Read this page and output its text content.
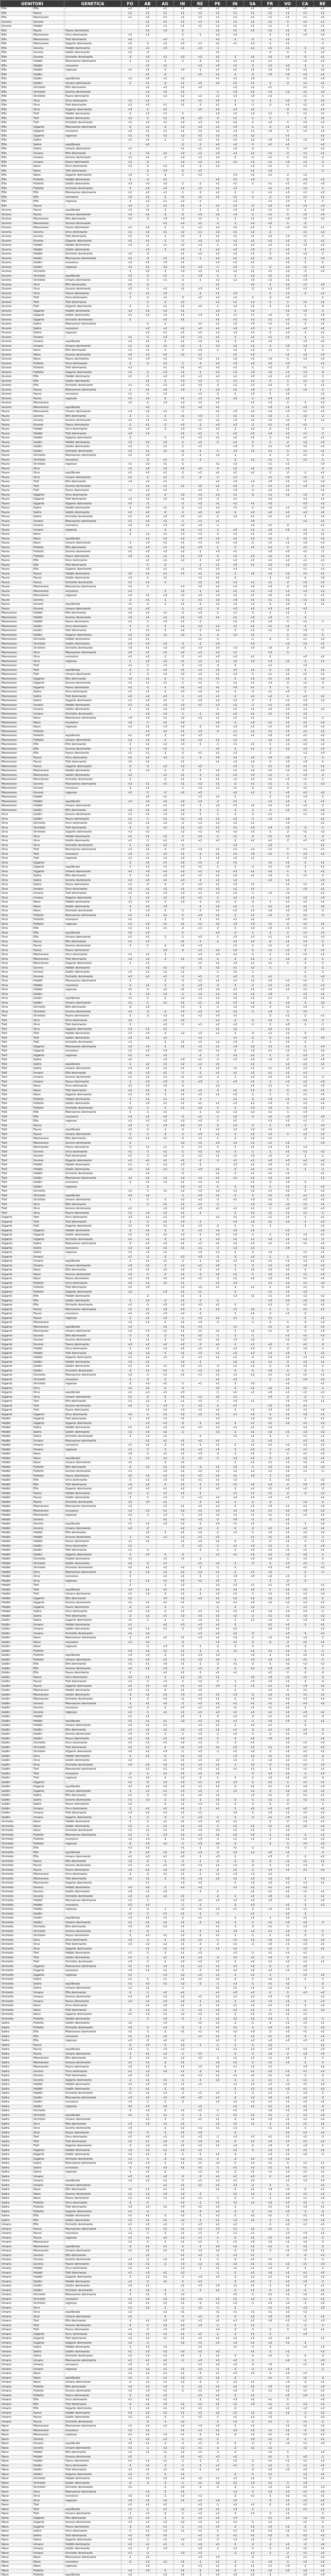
GENITORI		GENETICA	FO	AB	AG	IN	RE	PE	IN	SA	FR	VO	CA	BE
Elfo	Elfo	-	+1	+1	+1	+1	+2	+1	+1	+1	+1	+1	+1	+1
Elfo	Fauno	-	+1	+1	+1	+1	+1	+1	+1	+1	+1	+1	+1	+1
Elfo	Mannarone	-	+1	+1	+1	+1	+1	+1	+1	+1	+1	+1	+1	+1
Gnomo	Gnomo	-		+1	+1	+1	+1	+1	+1	+1	+1	-1	+1	+1
Gnomo	Hobbit	-		+1	+1	+1	+1	+1	+1	+1	+1	-1	+1	+1
Elfo	Fauno	Fauno dominante		+2	+2	-1		+2	+1	+1	+1	+1	-2	+3
Elfo	Mannarone	Orco dominante	+1	+1		-1	-1	+2	+2		-1	+1	+2	+2
Elfo	Mannarone	Troll dominante	+2		+2	-1		+2	-1	-2	-1	+2		-1
Elfo	Mannarone	Gigante dominante	+2	-2	+2	+3	+1	+1	+1	+2	-1	+1		-1
Elfo	Gnomo	Hobbit dominante	+1	+1	+3	+1	+2	-1		+2	+1	+1	-1	+1
Elfo	Gnomo	Goblin dominante	+2	-2				+1			-2	-1	-1	+2
Elfo	Gnomo	Orchetto dominante	-2	+3	+1	+2	+2	+1	-1	+1	+2	+1	-2	+1
Elfo	Hobbit	Mannarone dominante	-1	+1	-1	-1	-2	+2	+1	+1	+1		+2	+2
Elfo	Hobbit	recessivo		+1	+1		+2	+3	+1	-2	+1	+2	-1	-1
Elfo	Hobbit	ingresso	+1	+1	-1	+3	-1	+1	+1	+1	+2	+3	+1	+2
Elfo	Goblin	-		+1	-2		+1	+1	-1	-2	+3	+2	+2	+1
Elfo	Goblin	equilibrato	+1	+2	+1	+2		+1	+1	+3		-1	+1	+2
Elfo	Goblin	Umano dominante	-1	+1	-2	+1	+1	+1	+1	+1	-1	-2	+1	+1
Elfo	Orchetto	Elfo dominante		+1	+2	+1	+2		+2	+1	+1		+1	-1
Elfo	Orchetto	Gnomo dominante		+2	+1	+1		-1	+3	+1	+2	+2	+1	+3
Elfo	Orchetto	Fauno dominante		+1	+2	+2	+1	+1	+3	+3	+2		+1	-1
Elfo	Orco	Orco dominante	+1	+1		+2	+1	+2	-1	-1	-1	+2	-2	+1
Elfo	Orco	Troll dominante	+2	+2	+1	+1	-1	+1	-1	-1	-2	+1	+1	+1
Elfo	Orco	Gigante dominante	+3	-1	+1		+1	+2	+2	+2		-2	+1	+2
Elfo	Troll	Hobbit dominante	-2	+1	+1	-1		+2	+1	+2	+1	-1	+1	+1
Elfo	Troll	Goblin dominante	+2	-1	+1	+1	+2	-2	+1	-1	-1		-1	+1
Elfo	Troll	Orchetto dominante	+1	+2	+1	+2	+3	+1	+2	-1	+2	-1	+1	+2
Elfo	Gigante	Mannarone dominante	-2	+1	-2	+2	+2	+1	+3	-1	-2	+1	+2	-1
Elfo	Gigante	recessivo	+2	+1	+1	+1	+2	+2	+2	+1	+3	-1	+2	+2
Elfo	Gigante	ingresso	+1	+1	+2	+2	+1	+2	+3	+2		+1		+2
Elfo	Satiro	-	+1	+1	-1	-1	+1	+1	+1	+2	+3	+1	+2	+1
Elfo	Satiro	equilibrato		+2		-2	-1	+2	+2	-1	+1	+1		+2
Elfo	Satiro	Umano dominante	+1			+1	+1	+2	+2	-2		-1	+2	+1
Elfo	Umano	Elfo dominante	-1	+1	+1	+2	+1	+3	+2	+1	+1	-2	+1	+1
Elfo	Umano	Gnomo dominante	+1	+1	-2	+2	+1	+2	-1	-1	+1	-1	+2	-2
Elfo	Umano	Fauno dominante	+1	-2		+2	+2	+2	+2	+1	+1	+2	+2	-2
Elfo	Nano	Orco dominante	+2	-2	+2	+1	-2	+3		+2	+1	-1	+1	-1
Elfo	Nano	Troll dominante		-2	+3	-2	+1			+1	+2			-1
Elfo	Nano	Gigante dominante	+3	-1	-1	-1	+2		+3	+1	+1	-2	+1	
Elfo	Folletto	Hobbit dominante	-1	-2	+1			+2	+1	+3		-1	+3	+2
Elfo	Folletto	Goblin dominante	+2	+3	+2	-1	-2	+1	+1	-1	+1	+1	+1	+3
Elfo	Folletto	Orchetto dominante	-1	+3	+2	+1	+1	+1	+2		+1	+2	+2	-1
Elfo	Elfo	Mannarone dominante	+1	+2	+1	-1	-1	+2	-1	-1	+1	+1	+1	+2
Elfo	Elfo	recessivo	+2	+1	-1	+1	+1	+1	+1	-1	-2	+2	+1	+1
Elfo	Elfo	ingresso	-1	+2	+1	+2	-2		+2		+1	+2	-1	-1
Elfo	Fauno	-	+2	-2	+1	+1	-1	+1	+2	-2	+2	+3	+2	+3
Gnomo	Fauno	equilibrato	+2	+1	-1	-1	-1	-2	+3	+1	+1	-1	-2	+2
Gnomo	Fauno	Umano dominante	+2	+1	-2	-2	+3	+2	+3	-1	+1	-1	+2	+3
Gnomo	Mannarone	Elfo dominante	+2	-2	+3	+3	+1	-1	-1	+1	+1	+3	+2	+2
Gnomo	Mannarone	Gnomo dominante			+1	+2	+1	-2	-1	+2	+2	-1	-2	
Gnomo	Mannarone	Fauno dominante	+1	+2	-1	-1	+1	+2	+2	+1	-2	+2	+1	+1
Gnomo	Gnomo	Orco dominante	+1	+2	+1	+2	+1	+2	+1	+2	-1		+1	+2
Gnomo	Gnomo	Troll dominante	+1	+1	-1	+3	-1	+1	+1	+1	+2	+3	+1	-1
Gnomo	Gnomo	Gigante dominante	+1	+1	-1	-1	+2	+1	+2	+1	+2	+2	-2	+1
Gnomo	Hobbit	Hobbit dominante	+3	-2	+1	+2	+2	-1	+3	+2	+2	+1	+3	+3
Gnomo	Hobbit	Goblin dominante		+2	-1	+2	-1	+2	+2	+3	-1	+1	-1	+1
Gnomo	Hobbit	Orchetto dominante	+2	-2		+1	+2	+2	+3	+1	-2	+2	+2	-1
Gnomo	Goblin	Mannarone dominante	+1	-2	+1	+1	-1	+2	+1	+1	+1	+1	-1	+2
Gnomo	Goblin	recessivo	+2	+1	+3	+1		+2	+2	+1		+2	-1	-1
Gnomo	Goblin	ingresso	+2	+1	+3	+3	+3	-1	+2	-1	-2	+2	+1	+2
Gnomo	Orchetto	-	-1	+2	-1	+3	+1	+1	+2	+1	+1	+2	-2	+2
Gnomo	Orchetto	equilibrato	+2	-2	+1	-1	+3	-1	-1	+2	+1	+2	+3	
Gnomo	Orchetto	Umano dominante	+2	-1	+1	-2	-1	+2	+2	+3	+2	+1	+3	
Gnomo	Orco	Elfo dominante	+1	-2		-1		+1		+2	-1	+2	+1	+3
Gnomo	Orco	Gnomo dominante	+2	-1	+2	+1	+3	+1		-2	+2	+3	+2	-2
Gnomo	Orco	Fauno dominante	-2	+1	+2		-2	+1	+3		-1	+2	-1	+2
Gnomo	Troll	Orco dominante	-1	-1	+1	-2	+1	+2	+1	-1	-2	+2		-1
Gnomo	Troll	Troll dominante		-1	-2	+2		+2	+1	+2	-1	-1	+1	+1
Gnomo	Troll	Gigante dominante	-1	-1	+1	+1	+2	-1	+2	+1	-1	+1	-1	-2
Gnomo	Gigante	Hobbit dominante	+2	+1	+2	+1		+2	-1	+2		+1	+2	-1
Gnomo	Gigante	Goblin dominante	+1	+2	+2	+1	+3	+1	+1	+1	+2	-2	-1	+2
Gnomo	Gigante	Orchetto dominante	-1		+2	+1		+1	+2	+2	+1	+3	+1	+3
Gnomo	Satiro	Mannarone dominante		-1	-1		+1	+1	+2	+3	+1	+1	-2	+1
Gnomo	Satiro	recessivo		+3	+2	+2	+1	+1	+3	+3	-1	+2	+2	+1
Gnomo	Satiro	ingresso		+2	+1	+1	+1	+2	+3	+1	-1	+2	-1	+1
Gnomo	Umano	-	+1	-1	+2	+2	+1	+1	-1	+1	+1	+1	-1	-1
Gnomo	Umano	equilibrato	+2	+1	-1	+1	+2	+1	-2	+1	+2		+2	+2
Gnomo	Umano	Umano dominante	+1	+1	+1	+2	-1	+3	+2	+1	-1	+3	+3	-1
Gnomo	Nano	Elfo dominante	+1	+1	-1	-2	+3	-1	+2	+2	+2	-1	-1	-1
Gnomo	Nano	Gnomo dominante	+2	+2	+2	+2	+1		+1	+2		+1	+2	+3
Gnomo	Nano	Fauno dominante	+1	+3	+1		+2	+1	+2	+1	+3	-1	+2	+2
Gnomo	Folletto	Orco dominante	-2	-1	+1	-1	-2	+3	+3	+2	+2	+2		+1
Gnomo	Folletto	Troll dominante	+2		+1	+1	+1	+3	+2	-1	+2	-2	+1	-1
Gnomo	Folletto	Gigante dominante	+1	-1	+3	+1	-1	+2	+3	+3	+2	+1	+3	-2
Gnomo	Elfo	Hobbit dominante	+1	-1	+2	+3	+1	+2	+1	+3	+2	+2	+1	-1
Gnomo	Elfo	Goblin dominante		+1	-1	+3	+1	-1	+1	+1	-2	-1	+1	-2
Gnomo	Elfo	Orchetto dominante	+1	+1	+2	+2	+2	-2	+2	+2	+2	-1	-2	+1
Gnomo	Fauno	Mannarone dominante	-1	+1	+2	+2	-1	+2	+1	+3	-1	+3	+2	-1
Gnomo	Fauno	recessivo	+1	-1	+2		+2	-2	-1	+2	-1	+3		+2
Gnomo	Fauno	ingresso	+1	+2	-1	+1	+1	+2	+2	-1	+3	+1		+2
Gnomo	Mannarone	-	+2	-1	+3	+2	+1	+1		+1	+2	-1	-1	+2
Gnomo	Mannarone	equilibrato		+2		+3	+2	+1		-1	+3	+1	+3	+1
Fauno	Mannarone	Umano dominante	+3	+2	+1	-1		+1	+3	+2	+2	+3	+1	+1
Fauno	Gnomo	Elfo dominante	-1	-1	-1	+1	+3	-1	+1	+1	+2	-1	+2	-2
Fauno	Gnomo	Gnomo dominante	+2	+1	+1	-1	+1	+2	+2	+2	+2	+2	-1	+2
Fauno	Gnomo	Fauno dominante	-1	+1	-2	+2	-1	+3	+2	-2	+1	+1	+1	
Fauno	Hobbit	Orco dominante	+1	+3	-2	+3	+1	+2	-2	+2	-2	+1	-1	-2
Fauno	Hobbit	Troll dominante	+2	+1		+1	+1	-1	+1	+1	+2	+2	+1	-1
Fauno	Hobbit	Gigante dominante	-1		-2	+1	+1	+1	+2	+1	-1	+1	+1	+1
Fauno	Goblin	Hobbit dominante	+2	+2	+2	-1	+1	-1	+2	-1	-1	-2	+2	+2
Fauno	Goblin	Goblin dominante	+2	-1	+1	-1	+1		+3	-1	+1	+3	+1	+2
Fauno	Goblin	Orchetto dominante	+2	+1	+1	+1	-1	-1	+3	+1	+1	-1	+1	+1
Fauno	Orchetto	Mannarone dominante	+2	+2		-2	-1	+2	-1		-1	-2	+1	-2
Fauno	Orchetto	recessivo		-2	+1	-1	-1		-2	+1	+1	-1	+1	-1
Fauno	Orchetto	ingresso	+1	+2	+1	-1		+1	+2		+1	+1		+3
Fauno	Orco	-	+1	+3	+2	+1	+2	-2	+2	+1	+2	+1		-2
Fauno	Orco	equilibrato	+1	+2	+1	-2	+1	+1	+1	+2	-2	-2	-2	+1
Fauno	Orco	Umano dominante	+1	-1	+1	-1	-2	-1	+2		+1	+2	+1	-1
Fauno	Troll	Elfo dominante	+3	+2	+1			+1	+3	+2	+3	+1	+2	+2
Fauno	Troll	Gnomo dominante		+1	+1	+1	+2	+1	+2	-1	+1	+2	+2	+3
Fauno	Troll	Fauno dominante	+2	+2	+2		+1	-1	+3	-1	+2	+1		+1
Fauno	Gigante	Orco dominante		+2	-2	+2	+2	+2	+1	-2	+1	+1	+2	-2
Fauno	Gigante	Troll dominante	+2	+2	+2	+1	+3	-2	+1		+2		+2	+1
Fauno	Gigante	Gigante dominante	+2	-2		-2	+2	+1	+2	+1	+2		+2	+2
Fauno	Satiro	Hobbit dominante	-1	+3	+1	-2	+1	+2	+1	-1	+2	+2	+1	+1
Fauno	Satiro	Goblin dominante	+2	+2	-2	-1	+2	+2	-1	+2	+2	+1	+2	+1
Fauno	Satiro	Orchetto dominante	+1	+1	+2	+3	+1	-1	+2	+1	+1	+2	-1	+1
Fauno	Umano	Mannarone dominante	+1	+2	+2	-1	+1	+1		+3			+1	+1
Fauno	Umano	recessivo	+2	+1	+3	+2	+2	-1		+2	+1	-2		+2
Fauno	Umano	ingresso	-2		-1	+1	+1	-1	+3	+1	+2	+1	+1	-1
Fauno	Nano	-	-2	+2	+1	+3	+2	-2	+1	+1	+2		+3	+1
Fauno	Nano	equilibrato		+2	+2	+2	+3	+2	+2	+2	+1	-1	+1	+1
Fauno	Nano	Umano dominante	-1	+2	+1	+1	+1	+1	+2	-1	+1	+1	+2	+2
Fauno	Folletto	Elfo dominante	+2	+3	+1	+2	+3	-1	-2	+1	+2	-1	+1	+1
Fauno	Folletto	Gnomo dominante	+1	+3	+3	+2	-1	+3	+1		+3	+3	+1	-2
Fauno	Folletto	Fauno dominante	+3	+1	+1	+1	+3	-2	+2	+3	+2	+1	-1	+2
Fauno	Elfo	Orco dominante		+1	+1	+2	-1	+3	+2	+1	+1	+2	+1	+1
Fauno	Elfo	Troll dominante		-1	-2		-1	+1	+3	+1	+2	+1	+1	-1
Fauno	Elfo	Gigante dominante		+3	+1	+1	+1	+3	+3		+1		+1	+2
Fauno	Fauno	Hobbit dominante	+2	+1	+1	+1	+1	+2	-1	+1	+2	+2	+1	+1
Fauno	Fauno	Goblin dominante	+2	-1	+1		+1	+1	-2		-1	+2	-2	+3
Fauno	Fauno	Orchetto dominante	+1	+1	-1		+1	+2	+2	+1	+1	-2	+2	+1
Fauno	Mannarone	Mannarone dominante	+1	-1		+3	+2	+2	+2	+3	+3	-2	+2	+1
Fauno	Mannarone	recessivo	+2		-1	+1	-1	+1	+1	+2	+2	+2	+2	+1
Fauno	Mannarone	ingresso	+2	+1	+3	+2	+2	+3	+2	+1	+2	+3	-2	+1
Fauno	Gnomo	-	-2	+1	-1	-1	+1	+2	+3	+1	+1	+1	+1	+1
Fauno	Gnomo	equilibrato	+1	-2	-1	+1	-2	+2	+2	+2	-1	+3	-1	+1
Fauno	Gnomo	Umano dominante	+1	+2		-1	+2	-2	+3	+1	+3	+1	+2	
Mannarone	Hobbit	Elfo dominante	+2	+1	+1	-2	+3	-1	+1	-1	-1	+1	-1	
Mannarone	Hobbit	Gnomo dominante	+2	+1	+1	+1	+2	+1	+1	+2	+2	-1	-1	
Mannarone	Hobbit	Fauno dominante	+1	-1	+3	+1	-2		+2	+1	+3	-1	+1	-1
Mannarone	Goblin	Orco dominante	-1	-1	-1	+1	+2	+2	+1	+1	+1	+1	-2	
Mannarone	Goblin	Troll dominante	-1	+1	-1	+2	-2	+2	-1	+1	+1	-2	+3	-1
Mannarone	Goblin	Gigante dominante	+2	+2	+1	+2	-1	-2	+2	+1		-1	+1	-1
Mannarone	Orchetto	Hobbit dominante	+2	+1			+1	-1		-1	-2	-1	+1	+2
Mannarone	Orchetto	Goblin dominante	+2	+2	+2	-2	-2	+3		+2		+2	+2	+1
Mannarone	Orchetto	Orchetto dominante	+3	+1	+2	+3	+3	+3	+3	+3	+3	-2	-1	+3
Mannarone	Orco	Mannarone dominante	+3	+1	+1	+2	+2	+2	+1		+3	-1		
Mannarone	Orco	recessivo	+1	+2	-2	-2	+1	+3	+2	+1	-1		+2	+2
Mannarone	Orco	ingresso	-1	+2	+2	+1	+1	+1	+2	+2	+3	+2	-1	+1
Mannarone	Troll	-	+1	-1	+2	-2	+2	-2	-2		+1		+2	
Mannarone	Troll	equilibrato	-1	-1	+2	+1	+1	+1	+1	+1	-1	+1	-1	+1
Mannarone	Troll	Umano dominante	-2	-2	+2	+2	+2	+1	+2	-1	+1	+1	+1	+1
Mannarone	Gigante	Elfo dominante	+2	+1	-2	-1	+1	+1	-1	+1	+1	+3	-2	+2
Mannarone	Gigante	Gnomo dominante	+1	+1	+1	-1	+1	-1	+1	+1	+3	-2	+1	-2
Mannarone	Gigante	Fauno dominante	+2	-1	-1	+1	+2	+1	+3	+1	-1	-1	-2	-1
Mannarone	Satiro	Orco dominante	+1	+1	-1	+3	+2	+2	-1	-2	+1	+3	-1	
Mannarone	Satiro	Troll dominante	+2	+2	+3	-1	+1	+1	-2	+1	+2	-1	+2	+1
Mannarone	Satiro	Gigante dominante	+1	+3	+1	-1	+3	+2	+2	-2	-1	+2	+3	+2
Mannarone	Umano	Hobbit dominante	+1	+1	+3	+2	+1	+2	+2	-1	+1	+2	+3	
Mannarone	Umano	Goblin dominante	-1	+1	+2	+3		-1	+1	+1	+2	+3	+1	+2
Mannarone	Umano	Orchetto dominante		+2	+2	-1	-1	+1	+2	+1	+1	+1	+2	
Mannarone	Nano	Mannarone dominante	+3	+2	+1	+2	+3	+1	+1	+1		+1	+2	-1
Mannarone	Nano	recessivo	+2	-1	+1	+2		+2	-1	+2	+1	+1	+1	+2
Mannarone	Nano	ingresso	+2	+1	+3	+2	-2	+1	+3	+1	+1	+2	+3	+2
Mannarone	Folletto	-		+2	+2	+1	+2	-2	+1	+2	+1	+1	+2	+2
Mannarone	Folletto	equilibrato	+1	+3	-1	+2	+2		+1	+1	+3	+2	+1	+2
Mannarone	Folletto	Umano dominante	+2	+2	-1	+3	+2	+1	+2		+1	+2	+1	+1
Mannarone	Elfo	Elfo dominante	-1	+1	+2	+3	-1	-1	+1	+1	-1	+1	+2	+2
Mannarone	Elfo	Gnomo dominante	-1	+1	+1	-1		+2	-1	+1	-1	+2	+2	+3
Mannarone	Elfo	Fauno dominante	+1	+1	-1	-2	+1	+1	+2		-2		+2	+3
Mannarone	Fauno	Orco dominante	+1	+2	+3	-1	-1	+3	+2	+1	+2	+2	-1	-1
Mannarone	Fauno	Troll dominante	+1	+1		+1		+1	+2	+2	-2	+3	+3	-1
Mannarone	Fauno	Gigante dominante	-2	-2	+2	+2	+2		+3	-1	+1	+2	+1	+1
Mannarone	Mannarone	Hobbit dominante	-2	+2	-1	-2	-2	+2	+1	+2	+1	+2	+2	+2
Mannarone	Mannarone	Goblin dominante	+2		+1	+1	-1	+1	+2	+3	+1	-1	+3	-2
Mannarone	Mannarone	Orchetto dominante	-1		-2	+1	-1	+1	+2	+2	+1	+1	+1	-1
Mannarone	Gnomo	Mannarone dominante	+2	+1	+1	+1	+2	+1	-2	+1	+1	-1	-1	+2
Mannarone	Gnomo	recessivo	-1	+1		-1	+2	+2	+1	-2	+2	-2	+1	
Mannarone	Gnomo	ingresso	+3	-1	-2	+2	+2		+2	+1	-1	+1	+2	+2
Mannarone	Hobbit	-		+2	+1		+1	+2	-1		-1	+1	+2	-1
Mannarone	Hobbit	equilibrato	+2	+2	+2	+2	+2	-2	+1		+1	+2	-1	+1
Mannarone	Hobbit	Umano dominante		+1	+1	+2	-1	+2	+3	+1	+2	+1	+2	-2
Mannarone	Goblin	Elfo dominante	+2	+2	+2	+2	-1	-1	-1	-1	-2	+2	+1	+2
Orco	Goblin	Gnomo dominante	+1	+1	+2	+2	-1	-1	-2	-2	+1		+1	+2
Orco	Goblin	Fauno dominante	+1	-1	+1	+2	+2	+2	+2	-1	+2	+3		+1
Orco	Orchetto	Orco dominante	+1	+1	+2	-2	+2	+2	+2	+1		+3		+1
Orco	Orchetto	Troll dominante	-1	-2	+1	+1	+1	+1	+1	+3	+3	+1	-2	-1
Orco	Orchetto	Gigante dominante	+2	+2		+2	+1	+2	+2	+3	-1	-2	+1	+2
Orco	Orco	Hobbit dominante	+1	+1	+1	-1	+2	-1	+1	-2	+1	+2	-1	-2
Orco	Orco	Goblin dominante	+1	-1	+1	+1	+1	+2	-1	+2	+1	-2	+1	+2
Orco	Orco	Orchetto dominante	-1	+2	+2	-1			+3		+2			+1
Orco	Troll	Mannarone dominante	+2	+1	-2	+3	+2	+1	+1	+2	+1	-1	+1	+1
Orco	Troll	recessivo	+2	-1	+2	+1	-2	+1	+1	+3	+1	-1	+2	+1
Orco	Troll	ingresso	+1	+1	+2	+2	-1	+1	+2	+1		-1	+1	
Orco	Gigante	-	-1	+2	+1	+2	+1	-2	+1		+1	+1	-1	+1
Orco	Gigante	equilibrato	-1	+2	+1	+2	+1	-1	-1	-2	+1	+3	-1	+1
Orco	Gigante	Umano dominante	+2	+3	+2	+2	+1	+2	+2	+1	+2	-1	-1	+1
Orco	Satiro	Elfo dominante	-1	+1	+2	+2	+1	+1	+2	+1	+2	-1	+1	-2
Orco	Satiro	Gnomo dominante	+2	+3	+1	+3	-1	+2	+2		+2	+1		+3
Orco	Satiro	Fauno dominante	+1	-2	-2	-2	+2	+1	+3	+1		+1	+1	+1
Orco	Umano	Orco dominante	+3	+1	+2	+1	+2	+2	+1	+1		-2	+3	+1
Orco	Umano	Troll dominante	+1	+1	+2	+3	+1	+2	+2	-1	+2	+2		+1
Orco	Umano	Gigante dominante	-1	+1	+1	+2	+1	-1	+2	+1		+1	+2	+3
Orco	Nano	Hobbit dominante	+1	+2	-1	+3	-2	+2	-2	-2	-1	+2	+1	+1
Orco	Nano	Goblin dominante	-1	+2	+3		-1	+2	+1	-1	+1	+2	+1	+2
Orco	Nano	Orchetto dominante	-2	+2	-1	-1	-2	+1	+2	+1	+2	+2	+3	-2
Orco	Folletto	Mannarone dominante	+1	+1	+2	-1	+3	+2	-1	+1	+2	-2	+1	-2
Orco	Folletto	recessivo	+1		-2	-1	-1	+1	+1	+1		+3	+1	
Orco	Folletto	ingresso	+1	+2	+1	+1	+1	+2	+3	+3	+1	-2	+1	+1
Orco	Elfo	-	+1	+1	+1	-2	+1	-2	-1	+2	+2	+1	+1	-1
Orco	Elfo	equilibrato	+2	+2		-1		+3	-2	-1	-1	-1	+1	+1
Orco	Elfo	Umano dominante	+1	+1	-1	-1	+2	-1	+2	+2	+1	+1	+2	+2
Orco	Fauno	Elfo dominante	+1	+2		+1	-1	-1	+2	+2	-2	+1	+2	-1
Orco	Fauno	Gnomo dominante	-1	-1	-2	+1	+3		+1	-1	+1	-2	+2	-2
Orco	Fauno	Fauno dominante			+3	-2	+1	+2	+2	-1	+1	+2	-2	+1
Orco	Mannarone	Orco dominante	+1	+1	-1		+2	+3	+1	-1	-1	+1	+1	+1
Orco	Mannarone	Troll dominante	+2	+2	-1	+1	+3	-1	-1	+1	-1	+2	-2	-1
Orco	Mannarone	Gigante dominante	-1	+1			+1	+1	+3	+1	+1	-1	-1	-1
Orco	Gnomo	Hobbit dominante		+3	+1	+2	-2	+2	+1	+2	-1		-2	-1
Orco	Gnomo	Goblin dominante	+1	+1	+1	+1		-1	+1	-1			-1	-1
Orco	Gnomo	Orchetto dominante	+2	+2	+1	-2	+1	-2	+2	-2	+1		-1	+2
Orco	Hobbit	Mannarone dominante	-1		-1	-2	+1	+1	+1	+1	+2	+2	+1	-1
Orco	Hobbit	recessivo	-1	+1	-1	-2	+3	-2	-1	-1	+1	+1	+1	+2
Orco	Hobbit	ingresso	+1	-1	+1	+1	+3	+2	+2	+1	+2	+2	+1	+2
Orco	Goblin	-	-1	+3	+2	-1	+2	+2	+2	+2	+3		+2	+1
Orco	Goblin	equilibrato	+1	-1	-1	+2	+1	+2	+2	+1	+1	-2	+2	+1
Orco	Goblin	Umano dominante	+1	-1	+1	+1	+1	+1	+3	+1	-2	+2	-1	+2
Orco	Orchetto	Elfo dominante	-2	+3		+3	-1	-1	+2	+3	-2	+2	+2	-1
Orco	Orchetto	Gnomo dominante	+2	-2	-2	+2	+2	+2	+2	-1	+3	-1	+2	
Troll	Orchetto	Fauno dominante	-1	-2	+2	+1	+2	+3	+2		-2	+1	-2	+1
Troll	Orco	Orco dominante	+2		+1	+2		+2	-2	-1	+2	-1	+2	-1
Troll	Orco	Troll dominante	-1		+2	-1	+1	+2	+2	-1	-1	+3	-1	-1
Troll	Orco	Gigante dominante	+3	+1	+1			+1	+2		+2	+1		+1
Troll	Troll	Hobbit dominante	+2	+3	-2	+2	+2	+2	-1	-2	+1	+2	-2	
Troll	Troll	Goblin dominante	+2	+1	+1		+1		+1	-2	-2	+1	+1	+2
Troll	Troll	Orchetto dominante	+2		-1	+1	+1	+2	+3	-1	-1	+2	-2	
Troll	Gigante	Mannarone dominante	+2	+3	-1	+1	+1	+1	+3	+2	+2	+1	-1	+3
Troll	Gigante	recessivo	+1	+2	+3		+1	+1	-2	+2	+1	+2	+1	+2
Troll	Gigante	ingresso	+1	+1	+2		-2	-2	+2	+2	-1	-2	+3	-2
Troll	Satiro	-	+1		+3	+3	+1	-2	+2	+2	+2	-2	+3	+3
Troll	Satiro	equilibrato	-1	+2	+1	+2	+2	+1		+1		+2	+1	+1
Troll	Satiro	Umano dominante	+2	+1	+2	+1	-1	+2	+2	+1	+1	+3	+2	-1
Troll	Umano	Elfo dominante	+1	+3	+1	-1	-2	+1	+1	+2	+1	+1	+2	
Troll	Umano	Gnomo dominante	+1	+1	+1	+1	+2	-2	-1	+3	+2	+3	+2	-2
Troll	Umano	Fauno dominante	-1	+3	+3	-1	+3	-1	+3	+1	-1	+2	+1	+3
Troll	Nano	Orco dominante	+2	+3	+2	-2		+2		+1	+2	-1	+2	+3
Troll	Nano	Troll dominante	+2	+2	-1	+1	+1	-2	+1	+1	-2	-1	+1	+1
Troll	Nano	Gigante dominante	+1	+1	-1	+1	+1	+1	+2	-1	-1	-1	+1	+1
Troll	Folletto	Hobbit dominante	-1	+1	+1	+1	-2		+1	-2	+3	+1	+1	+3
Troll	Folletto	Goblin dominante	-1	+3	+1	+1	+1	+1	+3	+2	+3	-2	+2	+1
Troll	Folletto	Orchetto dominante	+2	-1	-1	+1	+2	-1	-1	+3	+3	-1	+2	+1
Troll	Elfo	Mannarone dominante	-1	-1	+1		-1	+2	+2	+2	+1	-1	+3	
Troll	Elfo	recessivo	+2	+1	+2	-2	+1	-1	+2	-2	+1	+2	+3	+2
Troll	Elfo	ingresso	+1	+2	+2	+3	+2	-1	+1		+2	+1	+1	-1
Troll	Fauno	-	+3	-1	+3	+2	+1	-2	+2	-1	-1	+3	-1	+3
Troll	Fauno	equilibrato	+1	-1	-1	-2	-1	+2	+2	+2	+1		+3	+2
Troll	Fauno	Umano dominante	-1	-1	-2	-1	+3	+1	-1	+1	+2	-1	+2	+2
Troll	Mannarone	Elfo dominante	+1	+1	+1	-2	+1	-1	-2	+2	+1		-2	+1
Troll	Mannarone	Gnomo dominante	-1			+2	+1	+3	+2	+1	+1	+1		+3
Troll	Mannarone	Fauno dominante	-2	+2	+1	-1	+1	-1	-1	+1	+3	+1	+2	
Troll	Gnomo	Orco dominante	+1	-1	+1	-1	+2	+3	-1	-1	-1	+1	+2	+2
Troll	Gnomo	Troll dominante	+1	-2	+2	-2	+2	+1	+1	+3	+2	-2	-1	-1
Troll	Gnomo	Gigante dominante	+1	+1	+1	+1	-1	-1	+1	+1	+2	+3	+2	+2
Troll	Hobbit	Hobbit dominante	+1	-1	+2	+3	-1		+3	+1	+3	+1	+1	+1
Troll	Hobbit	Goblin dominante	+2	+1	+2	-1	+3	+2	-2	+2	+1	-1	-1	-1
Troll	Hobbit	Orchetto dominante		+2		-2		+1	-1	+1	+1	+1		+1
Troll	Goblin	Mannarone dominante	+2	+1	+2	+2	+1	+1	+2	+2	+2	+2		+1
Troll	Goblin	recessivo	-1	+1	+2	+1	+2	+1		+1	-2	+3	-2	
Troll	Goblin	ingresso		-2		+3	+1	-1	-1	+1	-1	+1	-1	+3
Troll	Orchetto	-	+1	-1	+1	+2	+2	+2	+1	+2	+1	+2	-1	+2
Troll	Orchetto	equilibrato	+2	+2		-1	+2	+1	-1	-1	+1	+1	+1	+1
Troll	Orchetto	Umano dominante	-1	-1	-1	+2	+2	-2	+1	+3	+1	-1	+2	+2
Troll	Orco	Elfo dominante		-1	+1	+1	+1	-1		+3	+1	+2	+1	+1
Troll	Orco	Gnomo dominante	+1		+2	+2	+3	+1	+1	+1	-1	+2	+2	+2
Troll	Orco	Fauno dominante	+1	+3	+2	+1	-1		-1	+2	+1	+1	+1	-1
Gigante	Troll	Orco dominante	+3	+1	+2	+3		+2	+1	+3	+1	+1	-1	+1
Gigante	Troll	Troll dominante	-1	-1	+1	+3	-1		+3	+2	+1	+2	-1	+2
Gigante	Troll	Gigante dominante	+1	+1	+1	+1	+2	-2	-1	-1	-1		-1	+2
Gigante	Gigante	Hobbit dominante	-1	+1	-1	-2	+1	+2	+2	+1		+1		+2
Gigante	Gigante	Goblin dominante	+1	+1	+1	+2	-1	+3	+2	-1	-1	+1	+2	+1
Gigante	Gigante	Orchetto dominante	+1	+1	-2	+2	-1	+3	+1	+1	+2	+1	+2	-2
Gigante	Satiro	Mannarone dominante	-2	+1	+2	+1	+1	+1	+2	+1	+1	+1	+1	+2
Gigante	Satiro	recessivo	+2	+2	+1	+1	+1	-1	+2	+2		+3		+1
Gigante	Satiro	ingresso	+3	+2	+1		+2	+2	-1	-2	+2		+1	+1
Gigante	Umano	-	+1	-2	-1	+2	+3	-2	-2	+2	-1	-1	+2	+2
Gigante	Umano	equilibrato	-1	+1	+1	-1	-1	+1	+2	+1	+1	+1	+2	+1
Gigante	Umano	Umano dominante	+3	+1	-1	+2	+1	+3	-1	-2	+1	+1	+3	+2
Gigante	Nano	Elfo dominante	+2	+1	+2	+2	-2	+1	-1	+2	+2	+2	-1	+1
Gigante	Nano	Gnomo dominante	+2	-1	-2	+1	-2	+1	+1	-1	+2	+1	+1	+3
Gigante	Nano	Fauno dominante	+2	+1	+1	+2	+1	-2	+1	+1	+2	+1	+1	+1
Gigante	Folletto	Orco dominante	+2	+1	+1	+1		+2	+3		+1	+2	+1	+2
Gigante	Folletto	Troll dominante	+1	+3		+2	+2	+1	-2	+1	-1	+2	+1	-2
Gigante	Folletto	Gigante dominante	+2		+3	+1	+1		-1		+1	+1	+2	
Gigante	Elfo	Hobbit dominante		-2		+1	-1		+2	+1	+1	+3	+2	+2
Gigante	Elfo	Goblin dominante	-1	+2	-2	+1	-2	-1			+2	+2	+2	+2
Gigante	Elfo	Orchetto dominante	+2	-1	+3	+2	+2	+1	-1		+2	-2	+1	+1
Gigante	Fauno	Mannarone dominante	+1	+1	+3	+3	-1	+2	+1	+2	-1	-1	+1	+1
Gigante	Fauno	recessivo	+1	+1	+3	+2	-2		-1	+1	-2	+1	-2	
Gigante	Fauno	ingresso	-1	+1	+2	-1	+2	+1	+1	-1	+1		-1	+1
Gigante	Mannarone	-	+2	+1	-1	+1	+3	-2		-1	-1	-1	-2	+2
Gigante	Mannarone	equilibrato	+2		+1	+1	+1		+1		+1	-2	-2	+1
Gigante	Mannarone	Umano dominante	+2	+3	+1	+1	+1	+1	-1	+2	+1	-2	-1	+3
Gigante	Gnomo	Elfo dominante	-2	-2	-2	+1	+1	-1	-1	-1		+1	+1	+2
Gigante	Gnomo	Gnomo dominante	-1	+1	-1	+2	+1	+1	+3	+2		+1	+1	-2
Gigante	Gnomo	Fauno dominante	+2	+2	+2	+2	-2	+1	-1	+1	+2	-1	+1	-2
Gigante	Hobbit	Orco dominante	-1	+1	+2	+1	+1	-1	+2	+3	-2	-2	+2	-1
Gigante	Hobbit	Troll dominante	+2	+2	-1	+1	+1	+1	+2	+2	+2	+2	-1	+2
Gigante	Hobbit	Gigante dominante	+1	+2	+1	-2	+1	+1	+1	-2	+3	+1	+3	+1
Gigante	Goblin	Hobbit dominante	+3	+1		+2	-1		+2	+1	+1	-2	+2	+1
Gigante	Goblin	Goblin dominante	+1	+1	+1	+3	+1	-2	+1	+2	-2	+1	+2	-1
Gigante	Goblin	Orchetto dominante	-2	+1	+1	-1	+2	+2	-1	-1	+3	-1	-2	-1
Gigante	Orchetto	Mannarone dominante	+2	-1	+1	+1	+1	+1	+1	+2	+1	+2	+1	+1
Gigante	Orchetto	recessivo	-1	-2	-1			+2	+2		-1	+1	+3	+2
Gigante	Orchetto	ingresso	-2	+3	+1	-1	+1	+1	-1	+3		+2		+1
Gigante	Orco	-	+1	+2	-2	-2		+2	-1	+1	+2	+1	+1	-1
Gigante	Orco	equilibrato	+1	+2	+1	+3		-1	+1	+1	+3	+1	+1	+1
Gigante	Orco	Umano dominante	+1	-2	-1	+1	+1	+1	+1		+3	-2	-2	-1
Gigante	Troll	Elfo dominante	+1	+2	-1	+1	+1	-1	+3	+1		+1	+3	+1
Gigante	Troll	Gnomo dominante	+2	-1	+3	-1	+2	-1	+1		+2	+3	+1	
Gigante	Troll	Fauno dominante		+1	+2	+3	+1	+2	-1	+1	+3	+2	+1	+2
Gigante	Gigante	Orco dominante	+2	-1	+1	+2	+1	+1	+1	+3	-1	+1	+3	+1
Hobbit	Gigante	Troll dominante	-1	+2	+1	+1		+3		+2	+1	+1	-1	+1
Hobbit	Gigante	Gigante dominante		+2	+2	-2	-1	+2	-1	+1	+1	+2	+1	+2
Hobbit	Satiro	Hobbit dominante	+1	+2	+2	+2	+1	+2	+1	+1	+2		+2	-1
Hobbit	Satiro	Goblin dominante	+2	+3	+2	-1		+2	-1	+1	+2	+1	+2	+2
Hobbit	Satiro	Orchetto dominante	-1	+2	+1		-2		+1	+1	-1	-1	+1	+2
Hobbit	Umano	Mannarone dominante		+2	+1	+1	+2	+1		-1	+2		+2	+1
Hobbit	Umano	recessivo	+1	+1	-2	+1	-1	+1	-1	+1	+1	+2	+2	+2
Hobbit	Umano	ingresso	+1	-1	-1	+1	+2	+1	-1	+2	-1	+2	+1	+1
Hobbit	Nano	-	+3	-1	+1	+1	+3	-2	-1	+1	-2	-1	+1	+2
Hobbit	Nano	equilibrato	-1	+2	+1	-2	+2	-1	+3	+1	-2	+2	+2	+1
Hobbit	Nano	Umano dominante	+1		-2	+1			-1	+1	+1	+1	+1	+1
Hobbit	Folletto	Elfo dominante	-1	+2	+1	+3	-2	+1	+2	-1	+2	+2	+3	+3
Hobbit	Folletto	Gnomo dominante	+1		+2	+1	+2	+2	+2	+2	+1	+1	+1	-1
Hobbit	Folletto	Fauno dominante	+1	+1	+2	+2	+1	+2	+1	+3	-1	+2		
Hobbit	Elfo	Orco dominante	-2	+2	+3	+1	+1	+1	+2		-1	+2	-1	+2
Hobbit	Elfo	Troll dominante	+2	+2	-1	+1	-1	+1	+1	+1	+2	-2	+3	+3
Hobbit	Elfo	Gigante dominante	+3	+2	+1	+2	-2	+2	-1	+2	+1	+2	+2	-2
Hobbit	Fauno	Hobbit dominante	+1	-1	+1	+1	-1		+1	+1	+1	-2	-2	+2
Hobbit	Fauno	Goblin dominante	-1	-1	+2	-1	+1	+2	+2	+1	+2	+1		+1
Hobbit	Fauno	Orchetto dominante	+1	+3	+1		-1	+2	-1	-1	-2		+2	-1
Hobbit	Mannarone	Mannarone dominante	+2		+1	+1	+1	+2	-1	+1	+3	+1	+1	+3
Hobbit	Mannarone	recessivo	+2	+2	+1	+2	+1	+3	+1	+1	+1	+2	+3	+2
Hobbit	Mannarone	ingresso	+2	-1	+2	-1	+3	+2	+1	+1	+1	+2	+2	+1
Hobbit	Gnomo	-	-1		+1	+2	+3	-2	+3	-2	-2	+1		+2
Hobbit	Gnomo	equilibrato	+1	+1	+2	+2	-2	+3	+1	+1		+1	-1	+2
Hobbit	Gnomo	Umano dominante	+2	-2		+2	+1	-1	-1	-2	+1	+1	+2	+1
Hobbit	Hobbit	Elfo dominante		+2	-1	+1	+2	-1	+1	-1	+2	+1	+2	+2
Hobbit	Hobbit	Gnomo dominante	-1	+1	+2	+2	+1	+1		+1	+1	+1	+1	-1
Hobbit	Hobbit	Fauno dominante	+1	+1		+1	+2	+2	-1	-2	-2	+1	-1	+1
Hobbit	Goblin	Orco dominante	+1			-2	+1	-1	+1	+3	+1	-1	-1	+3
Hobbit	Goblin	Troll dominante	+1	-1			-1	-1	-1	+2	+2	+1	+1	+1
Hobbit	Goblin	Gigante dominante	-1	+2	-1	-2		+1	+1	+1	+2	+2	+2	-1
Hobbit	Orchetto	Hobbit dominante	+1		+1	+1	-1			+2	+2	-1	+1	-1
Hobbit	Orchetto	Goblin dominante	+2	-2	+1		+1	+1	-1	-2	-1	+3	+1	-1
Hobbit	Orchetto	Orchetto dominante	+2	+1	+2	+2	-1	-1	-1		+2	+3	+1	+2
Hobbit	Orco	Mannarone dominante	-2	+2	+2	+2	+2	+1	-1	+1	+2		-1	-1
Hobbit	Orco	recessivo	-1		+1	+1	-1	-2	+3	+3	+2	+1	-1	
Hobbit	Orco	ingresso	-1	+1	+1	+1	+1	+1	-1		-1	-2	-2	
Hobbit	Troll	-	-1		-1	+2		+2	+2	+1	+1	+3		+1
Hobbit	Troll	equilibrato	+2	+1	+1	+1	-1	+2	+2	+2	-1	+1	+2	+1
Hobbit	Troll	Umano dominante	+1	+3	-2	+1	-1	+2	+1	-1	+2	+1	+2	+2
Hobbit	Gigante	Elfo dominante	+1		+2	+1	+2	+1	+2	+1	+2	+3	+1	-1
Hobbit	Gigante	Gnomo dominante	+1	+1	+1	+1		+2	+1	+3	+2	+2	+2	+1
Hobbit	Gigante	Fauno dominante	-2	+1	-1	-1		-1	-1	+2		-1	+1	+1
Hobbit	Satiro	Orco dominante	+2	+2	-1	+1	+1	+1	+1	+1	+3	+2	+2	-1
Hobbit	Satiro	Troll dominante	-2	+2	+1	+2	+3	+2	+2	-2	+1	+2	+2	+2
Goblin	Satiro	Gigante dominante	+1	-1	-1	-1	+1	+1	-1	+1	+2	-1	+3	+3
Goblin	Umano	Hobbit dominante	+1		+2	+3	+3	+2	-1		+1	+1	-1	+1
Goblin	Umano	Goblin dominante	+2	+1	+1	-2	+3	+1	+1		+2	+1		+1
Goblin	Umano	Orchetto dominante	+1	+2			+2	+2	+1	-2		+3	-1	+2
Goblin	Nano	Mannarone dominante	-1	+1	+2	+1	+2	+1	+3	-1	+2	+1	+2	-1
Goblin	Nano	recessivo	+1	+2		-2		+1	+1	-2	-2	-2	+1	+1
Goblin	Nano	ingresso		-1	+3	-2	-1	-2	-1	-1		+1	-1	-1
Goblin	Folletto	-	+2	+1	+2	+1	-1	-2	+1	+1	+1	+1	-1	-1
Goblin	Folletto	equilibrato	+3	+3	-2	+1	+3	+2		+3	-1	+1	+1	+1
Goblin	Folletto	Umano dominante	+2	+2	+1	+3	+2	+2	-1	+3	+2	+2	+1	-1
Goblin	Elfo	Elfo dominante	+1	+1	+3	+1	-1	-2	+1	-2	-1	+2	+2	+2
Goblin	Elfo	Gnomo dominante	+1	+1	+3	-1	+1	-2	-2	+2	+3	+2	-2	-1
Goblin	Elfo	Fauno dominante	-1		+2	+1	-1	+1	+1		+1	-1	-1	-2
Goblin	Fauno	Orco dominante	+2	+1	-1	+2	+1	+1		+2	+3	+2	+1	-2
Goblin	Fauno	Troll dominante	+2	-1	+2	-1	+2	-1	-1	+3	+2	+1	-2	-2
Goblin	Fauno	Gigante dominante	+1	+2	+2	+1	+1	+3	-1	+1	+1	+1	+3	+2
Goblin	Mannarone	Hobbit dominante	+3	+1	-2	+1	+2		-1		+2	-1	+1	-2
Goblin	Mannarone	Goblin dominante	-2	+1	+3	+3	+1	+1	+3	-2	+2	+1	+1	+2
Goblin	Mannarone	Orchetto dominante	-1	-2	+2	+1	+3	+1	-1	+1	+1	+2	+2	+2
Goblin	Gnomo	Mannarone dominante	-1	+1	+2	-2	+1	+2	+1	+1	+1	+1	+2	+2
Goblin	Gnomo	recessivo	+2	-2	-1	+2	+1	+2	+1	+1	+1	+1	-1	
Goblin	Gnomo	ingresso	+1	-1	+1	+1	+1	+2	+1	+1	+1	+1	+3	+1
Goblin	Hobbit	-	+1	+1		+1	-1	-2	+2	-2	+1	+1	+2	-2
Goblin	Hobbit	equilibrato	+1	+1	+1	+2	+1	+2	+1	-1	+3	+3	-1	+1
Goblin	Hobbit	Umano dominante	+3	+1	+1		+1	+1	-1	+2	+1		-2	
Goblin	Goblin	Elfo dominante	+1	+1	+1	+2	+2	+1	+1	-2	+1	+3	+1	-2
Goblin	Goblin	Gnomo dominante	+3	+1	-1	-1	+2	-1	+2	-1	-2	+1	+3	-1
Goblin	Goblin	Fauno dominante	+1	+1	+1	+2	+2	-1	-1	+1	+2	+2		+1
Goblin	Orchetto	Orco dominante	+2	+1	+1	+2	+2	-1	-2	+1		+2	+1	+2
Goblin	Orchetto	Troll dominante	+1	+2	-1	+1	+2	+1	+2	+1	+1	+1	+2	+2
Goblin	Orchetto	Gigante dominante	+2	+1	+3	-1	+2	-1	+1	+3	-2	+1	+1	+1
Goblin	Orco	Hobbit dominante	-1	+1	-2	+1	+2		+3	+2	+1	+2	+3	-2
Goblin	Orco	Goblin dominante	+2		+1	+1	+1	+2	+1	-1	+2	+2	+1	-1
Goblin	Orco	Orchetto dominante	+2	+2	+2	+1	+1	+1	-1	+2	-2	+1	+1	+3
Goblin	Troll	Mannarone dominante		+2	+1	+1	+2	+1	+1	+1	-1	+1	+1	+1
Goblin	Troll	recessivo	-2	-1	+1	+1	+1	+2		-1	+2	+2	-1	+2
Goblin	Troll	ingresso	+1	+2	-1	+2	-2	-1	-1	-1	+2	+1	+1	-2
Goblin	Gigante	-	+1	-2	+2	+3	+1	+2	+2	-1	+1	-1	+1	+1
Goblin	Gigante	equilibrato	+2	+2	+2	+2	+1	+1	-2	+1	+1	+1	+2	+3
Goblin	Gigante	Umano dominante	-1	+1	+1	+3	+1	-1	+1	+1	-2	+2	+1	+1
Goblin	Satiro	Elfo dominante	+1	-2	+1	+1	+2	+1		+2	+1	-2	+1	+1
Goblin	Satiro	Gnomo dominante	+1	+2	-2	+2	-1	+3	-1	-1	+1	-2	+2	+1
Goblin	Satiro	Fauno dominante	+2		-2	+1	+2	+1	-1	-2	-1	-2		-1
Goblin	Umano	Orco dominante	-2	+2	+1	+1	-2	+1	-1	+1	+3	+2	+2	+1
Goblin	Umano	Troll dominante	+3	+1	+2	+1	+1		+3	-1	+3	+1	+1	+1
Goblin	Umano	Gigante dominante	-1	-1	-2	-1	+2	-1	-1	-2	+1	+3	+1	+1
Orchetto	Nano	Hobbit dominante	-1	-2	+1	+1	+3	+2	+1		-1	-2	+3	+1
Orchetto	Nano	Goblin dominante	+1	-1	+1	+1	+2	-1	+1	+1	+1	+2	+1	+2
Orchetto	Nano	Orchetto dominante	+1	+1	+1	+1	+2	+3	+1	+1	-1	+2		+3
Orchetto	Folletto	Mannarone dominante	+1	-2	+3	+2	+1	+1	+2	+3	-1	+1	-1	+1
Orchetto	Folletto	recessivo	+2	+3	-1	+1	+3	-1	+1	+1	-1	+1	+1	+2
Orchetto	Folletto	ingresso	-2	+3	+1	-1	+3	+2	-1		-1	-1	+2	+2
Orchetto	Elfo	-	+2	+2		+1	-1	-2	+1	-1		+1	-2	+1
Orchetto	Elfo	equilibrato	-2	+2	+2	+2	+2	-2	+2	+2	+2	+1		-2
Orchetto	Elfo	Umano dominante	+1	+2	+1	+3	-1	+3	-1		+3	-1	-1	+2
Orchetto	Fauno	Elfo dominante	+2	-2	-1	-2	-1	-2	-2	-2	-2	+1	+1	+1
Orchetto	Fauno	Gnomo dominante	+2	+1	+1	+3	+2	+1	+2	-2	-1	+1	+3	-1
Orchetto	Fauno	Fauno dominante	+2	+2	+2	+2	-2	-2	+1	-1	+2	+1	+1	+2
Orchetto	Mannarone	Orco dominante	-1	-2	+1	+1	-2	+1	+3	+2	+1			
Orchetto	Mannarone	Troll dominante	+1	+1	-1	+3	+3	+2	+1	+2	+2	+3	-1	+3
Orchetto	Mannarone	Gigante dominante		+1		+3	+2		-1	+2	+2	+2	+2	+1
Orchetto	Gnomo	Hobbit dominante	+2	+2	-1	+2	+2		+1	+2	+1	+2	+2	
Orchetto	Gnomo	Goblin dominante	+3	+1	+2		-1	-1		+1	+1	+1	+1	+1
Orchetto	Gnomo	Orchetto dominante	+2	+1	+2	+1		-2	-1	+1	+3	+1	-1	+1
Orchetto	Hobbit	Mannarone dominante	+2	-1		+2	+2	+2	+2	+2	+2		-2	+2
Orchetto	Hobbit	recessivo	+1	+2		-1	-1		-2	+3		+1	-1	+2
Orchetto	Hobbit	ingresso	-2	-2	-1	+2	+1	+3	+1	-2	+2	+3	+1	
Orchetto	Goblin	-	+2	-1	+1	+1	-1	-1		+1		+2	-1	
Orchetto	Goblin	equilibrato	+2	+1	+1	-1	+1		-1	+1	-1	+2	+1	
Orchetto	Goblin	Umano dominante	+1	+1	+1	+1	-2	+2	-1	-1	+1	+2	+2	-2
Orchetto	Orchetto	Elfo dominante	+3	+1	+2	+1		+1	-1	-2	+1	-1	+3	
Orchetto	Orchetto	Gnomo dominante	-2	-2		+1	-1	+1	+3	+2	+1	+2	-2	-1
Orchetto	Orchetto	Fauno dominante	-1	+2	+1	+2	-1	+1	-1	-1	-1	+1	-2	-1
Orchetto	Orco	Orco dominante	+3	-1	-1	+3	+2	-1	+1	+1	+2	+2	+2	+2
Orchetto	Orco	Troll dominante	+2	+2	+2	+1	-2	-2	+1	-2	+3	+1	+2	+1
Orchetto	Orco	Gigante dominante		+1	+1	+2	-1	+1	+1		+1	-1	+2	+1
Orchetto	Troll	Hobbit dominante	+1	-1	-1	+1	+2		+2	-1	+1	+1	+1	
Orchetto	Troll	Goblin dominante	+1	-1	+1	+1	+2	-2	+1	+2	+2	-2	+2	-1
Orchetto	Troll	Orchetto dominante	+3	-1	-1	+2	+2	+2	-1	+1	+1	+2	+1	+1
Orchetto	Gigante	Mannarone dominante	+1	+1	+3	+1	+1	+1	+1	+2	-2	-2	+2	
Orchetto	Gigante	recessivo	+3	+1	+1	-2	-2	+1	+2	+2	+2	+1	+2	
Orchetto	Gigante	ingresso	+1		+3	+2	+1	+1	-1	+1	-1		+1	+2
Orchetto	Satiro	-	+1	-1	+1	+1	+1	+1	-2	-1	+2	+1	-1	-1
Orchetto	Satiro	equilibrato	+1	+3	+1	+2	-2	-1	+2	-1	+1	+2		-2
Orchetto	Satiro	Umano dominante	+1	+1		-1		+1	+1	+1	+2	+1	-1	-1
Orchetto	Umano	Elfo dominante	-1	-1	+2	+2		+1	+3	+2	-1	-1	+2	+2
Orchetto	Umano	Gnomo dominante	+2	+1	+2	+2	+1	+2	+1	+2	+3	+1		+1
Orchetto	Umano	Fauno dominante	+2	+1	+3	+2	-1	+1	-1	+2	+2	+1	-1	+2
Orchetto	Nano	Orco dominante		+1	+2	+1	-2	+1	+1	+2	+1	+1	-1	+2
Orchetto	Nano	Troll dominante	-2	+2	+1	-1	+1	+3	+2	+1	-1	+1	+1	+2
Orchetto	Nano	Gigante dominante	+1	+3	+1	+2	+1	+1	-1	+1	+1	+1	+1	
Orchetto	Folletto	Hobbit dominante		-1	+3	-2	-1	+2	+2	+2	+3	-1	+2	-1
Satiro	Folletto	Goblin dominante	+2		+3		+1	+1	-2	-1	-2	+1	+1	+1
Satiro	Folletto	Orchetto dominante	+3	-1	+2	-2	-1	+1	+1	-1	+2	+1	-2	+2
Satiro	Elfo	Mannarone dominante	+1	-1	-1	+1	+1	+1	+2	+3	-2	+3	+1	+2
Satiro	Elfo	recessivo	+1	+2	+2		+1	+1	-1	+1	+1	+3	-2	+2
Satiro	Elfo	ingresso	+2	-2	+2	+2		+1	-1	+2	+2	+3	+3	+1
Satiro	Fauno	-	-2	+3	-2	+2	-1	-1	-1	-1	+2			+2
Satiro	Fauno	equilibrato	+3	-1	+3	+2		+1	+1	+2	+2	+1	+2	+3
Satiro	Fauno	Umano dominante	-1	+1	+2	-1	+1		-1	-1	+2	-2	+2	+3
Satiro	Mannarone	Elfo dominante	-2	+2	+1	+2	+2	-2	+1	+1	+1	+3	-1	-1
Satiro	Mannarone	Gnomo dominante	+1	+1	-2	+1		+2	+1	-1	+1	+1	-1	-1
Satiro	Mannarone	Fauno dominante	+2	+2	-1	+1	+2	+2	+1	+1	+1		+3	+2
Satiro	Gnomo	Orco dominante	+1	+2	+2	+1	-2	+1	-1	+1	+2	+1	+1	+2
Satiro	Gnomo	Troll dominante	+2	+1		+1	+2	+1	+1	+2	+1	+2	-1	-2
Satiro	Gnomo	Gigante dominante	-2	+1	+1	-1	-1	+2	-1	-2	+1	-1	+1	-1
Satiro	Hobbit	Hobbit dominante	+2	+3	+2	+1	+1		+1	+2	+2	+2	+1	+2
Satiro	Hobbit	Goblin dominante	-2	+1	-1	+1			-1	+1	+3	+2	+1	+2
Satiro	Hobbit	Orchetto dominante	+1	+1	+2	-2	+1	+2	-1	-2	+2	-1	+2	-1
Satiro	Goblin	Mannarone dominante	+2	+2	+1	+3	+2	+2	-2	+2	+2	+1	+1	-2
Satiro	Goblin	recessivo	+2	-1	-1	-2		+3	+2	+2	+1	+1	+2	+1
Satiro	Goblin	ingresso	+2	+3	+3		+1		+1	+1	+1	+1	+1	-2
Satiro	Orchetto	-	-1	+2	-2	+1	+1	-1	+1		+2	+2	+3	+1
Satiro	Orchetto	equilibrato	+1	-2	+1	-2	-1	-1	+1	+2	+1	-2	+2	+2
Satiro	Orchetto	Umano dominante		+2	-1	-2	+1	+1	-2	+1	+3	+1	+1	+2
Satiro	Orco	Elfo dominante	+2	+3	+1	+1		+1	+1	+1	-1	+1	+1	+1
Satiro	Orco	Gnomo dominante	+3		-1	+2	+2	+1	+2		+1	+1	-1	-1
Satiro	Orco	Fauno dominante	+2	-1	-1	+1	+3		-2			+2	+2	+2
Satiro	Troll	Orco dominante	+2	+2	+2	+1	+2	-1	+2	+2	+1	+1	+1	-2
Satiro	Troll	Troll dominante	+1	+1	+2	-2	+2	+1	-2	+1	+2	+2	+1	+2
Satiro	Troll	Gigante dominante	-2	+2	+2	+1	+1	+1	+2	-1	+3	-2	+2	-1
Satiro	Gigante	Hobbit dominante	+2	+2	+1	+2	+1		+2	-1	+2	+1	+1	+1
Satiro	Gigante	Goblin dominante	+2	+1	-2	-1	-1	+1	-1		+2	+1	+2	-1
Satiro	Gigante	Orchetto dominante	+1	-1	-2	+2	+1	-1	-2	+2	+3	+2		
Satiro	Satiro	Mannarone dominante	+3	+3	-1	+1	+1	+3	-1	+2	+1	-1	+2	+1
Satiro	Satiro	recessivo	-2	+2	+2	+1	+1	-1	+1	+2	+1	+1	+1	+1
Satiro	Satiro	ingresso	-1	+1	-2		+2	+1	-2	+1	+1	+2	+1	+1
Satiro	Umano	-	+3	+1	+2	-2	-2	+1	+1	+3	-1	+2	+1	-2
Satiro	Umano	equilibrato	+2	+2	+1	-1	+1	+2	+1	+2		+1	+2	+3
Satiro	Umano	Umano dominante			+1	+1	+2	+2	+2	-2	-1	-1		+1
Satiro	Nano	Elfo dominante	+1	+1	+1	+1		+1	-1	+1	+3	+2	-2	+1
Satiro	Nano	Gnomo dominante	+1	+2	+3	+2	-2		+1	+2	-1	+3	+1	+1
Satiro	Nano	Fauno dominante	+1	+2	+1	+2	+1	-1	-2	-1	-1	+2	+1	+3
Satiro	Folletto	Orco dominante	-1	-1		+2	-1	+1	+1	+2	+2	+3	+1	-1
Satiro	Folletto	Troll dominante	+3	+3	+2	+3	+1	+2	-1		+1	+1	+2	+1
Satiro	Folletto	Gigante dominante	+1	-2		+1	-2	+2	-2	-1	+1	+2	-1	-2
Satiro	Elfo	Hobbit dominante	+1	+1	-1	+2	-1	+2	-2	+2	+1	-1	+1	+1
Satiro	Elfo	Goblin dominante	+1	+1	+1	+2	-1	+1	+2	+1	-1	+1	+3	+2
Umano	Elfo	Orchetto dominante	+1	+3	+2	-1	+3	+1	+2		-1	+2	+1	+1
Umano	Fauno	Mannarone dominante	-1	+1	+1	+1	+1	+3	+1	+1	+1	-1		-1
Umano	Fauno	recessivo	+2	-1	-1	+1	+1	-2	+1	+1		+2	+3	+1
Umano	Fauno	ingresso	+1	+1	+2	+2	+1	-1	-2	+1	+1	+2	+2	-1
Umano	Mannarone	-	+2	-1	-1	+1	+1	-1	+1	+3	+2	+1	+2	-1
Umano	Mannarone	equilibrato	-2	+1	+1	-1	-1	+2	+2	+1	+1	-1	+1	-2
Umano	Mannarone	Umano dominante	+1	+1	+2	+1	+2	+2	-2	+1	-2	+1	+3	+1
Umano	Gnomo	Elfo dominante		+1		+1	+2	-2	+2	+1		-2	-2	+1
Umano	Gnomo	Gnomo dominante	+2	-2	+2	+1	-1	-1	-2	+1	+1		-1	-1
Umano	Gnomo	Fauno dominante	+3	+1	-2	+3	+2	+1	+2	+1	+1	+2	+1	+3
Umano	Hobbit	Orco dominante	+1	+1		+2	-1	+1	+2	+1	+2	-2	-1	-1
Umano	Hobbit	Troll dominante	+1	+3	+1	+2		-1	-1	+1	+3	+1	+1	+3
Umano	Hobbit	Gigante dominante	-1	+2	+1	-1	+3	+3	-2	+2	+1	+1	+2	+2
Umano	Goblin	Hobbit dominante	+1	-1	+1	-1	+1		-1	+1	-1	+2	+3	-1
Umano	Goblin	Goblin dominante	+3	+1		+1	+3	+3	+1	+1	-1	+2	-2	+1
Umano	Goblin	Orchetto dominante	-1	+2	-1	-1	-1	+1	-2	+1	-2	+3	-2	+1
Umano	Orchetto	Mannarone dominante	-2	+1	-2	+2			+1	-1	+1	+1	+2	+1
Umano	Orchetto	recessivo	+1	+2	+2	+2	+3	+2	+1	+2	-2	-1	+1	+1
Umano	Orchetto	ingresso	+2	+1	+1	+1	-2	+2	+2	-1	+2	+2	-1	+2
Umano	Orco	-	+1	+2	-1	-1	+1	-1	-1		+1	+1	+2	+3
Umano	Orco	equilibrato	+2		+2	+1		+1	+1	+1	+1	+2	+2	
Umano	Orco	Umano dominante	+1		-1	-2	+2	-2	-2	+2	+2	+3	-1	+1
Umano	Troll	Elfo dominante	-1	+1	+3	+2	+1	+1	+1	+1	+3	+1	+1	+3
Umano	Troll	Gnomo dominante	-2	-1	+2	+2	+3	-1	-1	+1		-1	-1	-1
Umano	Troll	Fauno dominante	+1	-1	+3	+3		+2	-2	-1	-1	-1	+1	+1
Umano	Gigante	Orco dominante	+2	+2	+1	+1	+1	-1	-2	+1	-1		+3	
Umano	Gigante	Troll dominante	+2	+2	+1	+1	+1	+2	+2	+1	+2	+2		+1
Umano	Gigante	Gigante dominante	+2	-1		+2	+1	+1	+2	+1	+2	+1	-1	
Umano	Satiro	Hobbit dominante	-1	+2	+2		+1		+1	-2	-1		+2	+3
Umano	Satiro	Goblin dominante	+1	+2	+2	+3	+2	+2		+1	-2	+1		+2
Umano	Satiro	Orchetto dominante	+2	+3	+1	+1	-1	+1	-2	-2	+2	-1	-2	-2
Umano	Umano	Mannarone dominante	+1	+1	+2	-1	+3	+3	+2	-1		+2	-1	+3
Umano	Umano	recessivo	+3	-2	+1		+1	+2	+2	-2	+3		+1	+1
Umano	Umano	ingresso	+2	+2	+1	+1	+2	-1	-2	-2	+2	+1		-1
Umano	Nano	-	+2	+2	+1	+1	-2	+1	+2	+3	-2	+2	+2	
Umano	Nano	equilibrato	+1	-1	+1	+3	+1	+1	-2		+1	-1	+1	-2
Umano	Nano	Umano dominante	-2	+2	+1	+2	-1	-1	+2	+1		+3	-2	+1
Umano	Folletto	Elfo dominante	+2	+2	+3	-1	+1	+1	+2	+1	+3	+2	+1	+3
Umano	Folletto	Gnomo dominante	+2	+3	+1	-1	+1	+3	+3	-2	+1	+1	+1	+1
Umano	Folletto	Fauno dominante	-1	+2	+2		+2	+1	-2	+1		+1	+3	+1
Umano	Elfo	Orco dominante	+1	+1	+1		-1	+1	+3	+1	+1	-1		+3
Umano	Elfo	Troll dominante	-2	+2	+3	+1	+2	+1	+1	+3	+1	-1	+2	+2
Umano	Elfo	Gigante dominante	-1	+1	+1	+2	+1	-1	-2		+2	+1	+2	+2
Umano	Fauno	Hobbit dominante	+3	+2	+1	+1	+1	+2	+1	+1	+1	+1	-1	+2
Umano	Fauno	Goblin dominante	+2	+1	-2	-1	+2	-1	+1	+2	+2		-2	+2
Umano	Fauno	Orchetto dominante		-2	-1	+2		-1	+2	-1	+1	-1	+1	-1
Nano	Mannarone	Mannarone dominante	+1	+2	+2	+2	+3	+3	-1	+1		+1	+1	+1
Nano	Mannarone	recessivo	+1	+1		+1	+1	+1	+2	+3	+1	+1	-1	+2
Nano	Mannarone	ingresso	+1	+1	+2	+1	-1	+1	-2	+2	+1	+1	+1	+1
Nano	Gnomo	-	-1	+2	+2	-1	+1	-1		+3	+1	-2	-1	+1
Nano	Gnomo	equilibrato	+3	+1	-2	-2	+1	-2	-1	-2	-2	+2	+1	+3
Nano	Gnomo	Umano dominante	+1	-1	+2	+2	+1	-1	-2	+1	+1		+2	
Nano	Hobbit	Elfo dominante	+1	+1	+1	+2	+1	-2	-2		+2	-1		+2
Nano	Hobbit	Gnomo dominante	+1		-1	+1	+1	+2	+2		+1	-1	+2	-1
Nano	Hobbit	Fauno dominante	+1	+1	+1	-1	-1	-2	+2	-2	+1	+1	+1	+2
Nano	Goblin	Orco dominante	-1	+1	-2	-1	-1	+1	+1	-1	+1	-1	+1	+1
Nano	Goblin	Troll dominante	+2	+1	+1	+1	-1	+2		-2	+2	+2	+2	-2
Nano	Goblin	Gigante dominante	+1	-1	-1	+1			-2	-1	+1		+2	+1
Nano	Orchetto	Hobbit dominante	+2	+2	+2	+2	+2	+1	+2	+1	-2		+2	+1
Nano	Orchetto	Goblin dominante	-2	-2	-1	-1	+1	+2	+2	+3	+1	-1	+3	
Nano	Orchetto	Orchetto dominante	+1		-1	+2	-2	-2	-2	-1	+2	+2	+2	+3
Nano	Orco	Mannarone dominante		+1	-1	+1			+2	-1	+2	+3	+1	+2
Nano	Orco	recessivo	+2	+2	-1	+2	+2		-2	+2	-1	+2	+1	+1
Nano	Orco	ingresso	+3	+1	+2	+1	+1	+3	+2		-2	+1	+2	+2
Nano	Troll	-	+1	+1	+2		+2	-1	+2	+2	-1	+3	+1	+1
Nano	Troll	equilibrato	+1	-1	+1	+2	+3	+1	+3	-1		+1	+1	+2
Nano	Troll	Umano dominante	-1	+1	-2	-1	+2	+2	-2	+3	-2	+1		-1
Nano	Gigante	Elfo dominante	+1	+2	-1	-1	+1	+1	+3		+1	+2	+2	+2
Nano	Gigante	Gnomo dominante	+3	+1	+2	+2	+2	+1	+1	-1	+1		+1	-1
Nano	Gigante	Fauno dominante	-2	+3	+1	-1	+1	+3	-2	+1	+2	+1	-1	-1
Nano	Satiro	Orco dominante	-2	+1	+2	+1	+1	-1	+1	+1	+3	+1	+1	+1
Nano	Satiro	Troll dominante	+1	+3	+1		+2	-2	+1	+1	+2	-1	+2	+2
Nano	Satiro	Gigante dominante	+2	-1	+1	+2	+1	-2	+2	+1	-2		+2	-2
Nano	Umano	Hobbit dominante	+2	+1	+1	-1	+2	+1	-1	-2	-2	+1	-2	+2
Nano	Umano	Goblin dominante	+2	-2	+3		+3	-1	+2	-1	-1	+1	+1	+1
Nano	Umano	Orchetto dominante	+1	-2		+3	+1		-2	+2	-1	-2	+1	+2
Nano	Nano	Mannarone dominante	-1	+2			+3	+3		-2		+1	+1	+2
Nano	Nano	recessivo	-2	+2	+1	+1	-1	+1	-1	-1	+2	-1	+2	+1
Nano	Nano	ingresso		+2		-2	+3	+1	-2	+1	+1	+3	-1	+2
Nano	Folletto	-	+2	+3	-1	+1	-1	+1	-2	+1	+1	+2	+2	+1
Nano	Folletto	equilibrato	+2		+2	+1	-1	+2	+2	+1	-1		+1	+3
